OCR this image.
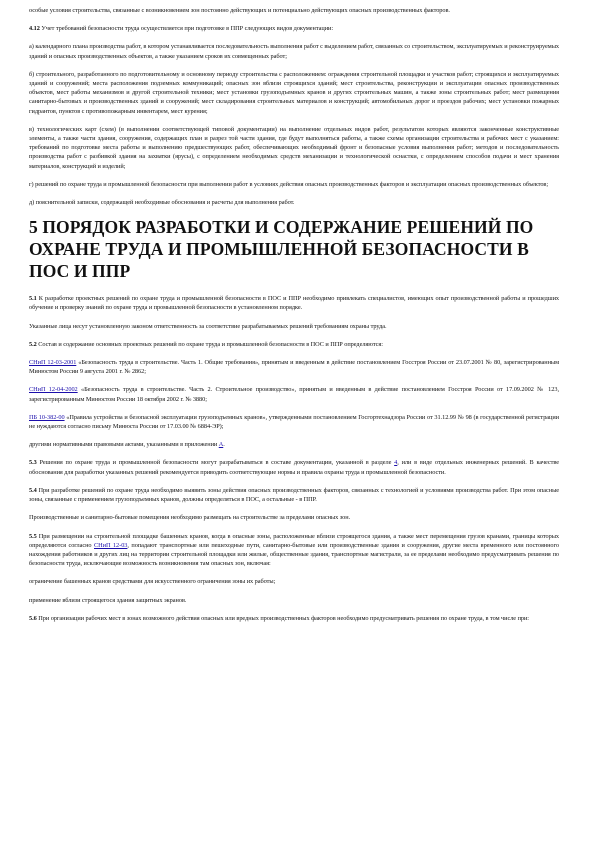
особые условия строительства, связанные с возникновением зон постоянно действующих и потенциально действующих опасных производственных факторов.

4.12 Учет требований безопасности труда осуществляется при подготовке в ППР следующих видов документации:

а) календарного плана производства работ, в котором устанавливается последовательность выполнения работ с выделением работ, связанных со строительством, эксплуатируемых и реконструируемых зданий и опасных производственных объектов, а также указанием сроков их совмещенных работ;

б) строительного, разработанного по подготовительному и основному периоду строительства с расположением: ограждения строительной площадки и участков работ; строящихся и эксплуатируемых зданий и сооружений; места расположения подземных коммуникаций; опасных зон вблизи строящихся зданий; мест строительства, реконструкции и эксплуатации опасных производственных объектов, мест работы механизмов и другой строительной техники; мест установки грузоподъемных кранов и других строительных машин, а также зоны строительных работ; мест размещения санитарно-бытовых и производственных зданий и сооружений; мест складирования строительных материалов и конструкций; автомобильных дорог и проездов рабочих; мест установки пожарных гидрантов, пунктов с противопожарным инвентарем, мест курения;

в) технологических карт (схем) (в выполнении соответствующей типовой документации) на выполнение отдельных видов работ, результатом которых являются законченные конструктивные элементы, а также части здания, сооружения, содержащих план и разрез той части здания, где будут выполняться работы, а также схемы организации строительства и рабочих мест с указанием: требований по подготовке места работы и выполнению предшествующих работ, обеспечивающих необходимый фронт и безопасные условия выполнения работ; методов и последовательность производства работ с разбивкой здания на захватки (ярусы), с определением необходимых средств механизации и технологической оснастки, с определением способов подачи и мест хранения материалов, конструкций и изделий;

г) решений по охране труда и промышленной безопасности при выполнении работ в условиях действия опасных производственных факторов и эксплуатации опасных производственных объектов;

д) пояснительной записки, содержащей необходимые обоснования и расчеты для выполнения работ.

5 ПОРЯДОК РАЗРАБОТКИ И СОДЕРЖАНИЕ РЕШЕНИЙ ПО ОХРАНЕ ТРУДА И ПРОМЫШЛЕННОЙ БЕЗОПАСНОСТИ В ПОС И ППР

5.1 К разработке проектных решений по охране труда и промышленной безопасности в ПОС и ППР необходимо привлекать специалистов, имеющих опыт производственной работы и прошедших обучение и проверку знаний по охране труда и промышленной безопасности в установленном порядке.

Указанные лица несут установленную законом ответственность за соответствие разрабатываемых решений требованиям охраны труда.

5.2 Состав и содержание основных проектных решений по охране труда и промышленной безопасности в ПОС и ППР определяются:

СНиП 12-03-2001 «Безопасность труда в строительстве. Часть 1. Общие требования», принятым и введенным в действие постановлением Госстроя России от 23.07.2001 № 80, зарегистрированным Минюстом России 9 августа 2001 г. № 2862;

СНиП 12-04-2002 «Безопасность труда в строительстве. Часть 2. Строительное производство», принятым и введенным в действие постановлением Госстроя России от 17.09.2002 № 123, зарегистрированным Минюстом России 18 октября 2002 г. № 3880;

ПБ 10-382-00 «Правила устройства и безопасной эксплуатации грузоподъемных кранов», утвержденными постановлением Госгортехнадзора России от 31.12.99 № 98 (в государственной регистрации не нуждаются согласно письму Минюста России от 17.03.00 № 6884-ЭР);

другими нормативными правовыми актами, указанными в приложении А.

5.3 Решения по охране труда и промышленной безопасности могут разрабатываться в составе документации, указанной в разделе 4, или в виде отдельных инженерных решений. В качестве обоснования для разработки указанных решений рекомендуется приводить соответствующие нормы и правила охраны труда и промышленной безопасности.

5.4 При разработке решений по охране труда необходимо выявить зоны действия опасных производственных факторов, связанных с технологией и условиями производства работ. При этом опасные зоны, связанные с применением грузоподъемных кранов, должны определяться в ПОС, а остальные - в ППР.

Производственные и санитарно-бытовые помещения необходимо размещать на строительстве за пределами опасных зон.

5.5 При размещении на строительной площадке башенных кранов, когда в опасные зоны, расположенные вблизи строящегося здания, а также мест перемещения грузов кранами, границы которых определяются согласно СНиП 12-03, попадают транспортные или пешеходные пути, санитарно-бытовые или производственные здания и сооружения, другие места временного или постоянного нахождения работников и других лиц на территории строительной площадки или жилые, общественные здания, транспортные магистрали, за ее пределами необходимо предусматривать решения по безопасности труда, исключающие возможность возникновения там опасных зон, включая:

ограничение башенных кранов средствами для искусственного ограничения зоны их работы;

применение вблизи строящегося здания защитных экранов.

5.6 При организации рабочих мест в зонах возможного действия опасных или вредных производственных факторов необходимо предусматривать решения по охране труда, в том числе при:
